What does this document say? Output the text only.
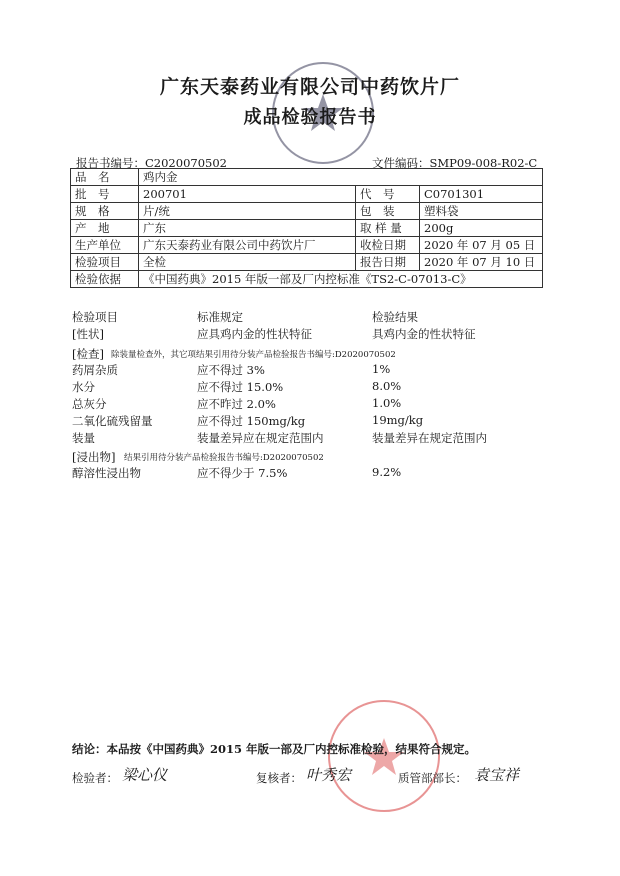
广东天泰药业有限公司中药饮片厂
成品检验报告书
报告书编号：C2020070502	文件编码：SMP09-008-R02-C
品　名	鸡内金		
批　号	200701	代　号	C0701301
规　格	片/统	包　装	塑料袋
产　地	广东	取 样 量	200g
生产单位	广东天泰药业有限公司中药饮片厂	收检日期	2020 年 07 月 05 日
检验项目	全检	报告日期	2020 年 07 月 10 日
检验依据	《中国药典》2015 年版一部及厂内控标准《TS2-C-07013-C》		
检验项目	标准规定	检验结果
[性状]	应具鸡内金的性状特征	具鸡内金的性状特征
[检查] 除装量检查外，其它项结果引用待分装产品检验报告书编号:D2020070502
药屑杂质	应不得过 3%	1%
水分	应不得过 15.0%	8.0%
总灰分	应不昨过 2.0%	1.0%
二氧化硫残留量	应不得过 150mg/kg	19mg/kg
装量	装量差异应在规定范围内	装量差异在规定范围内
[浸出物] 结果引用待分装产品检验报告书编号:D2020070502
醇溶性浸出物	应不得少于 7.5%	9.2%
结论：本品按《中国药典》2015 年版一部及厂内控标准检验，结果符合规定。
检验者： 梁心仪	复核者： 叶秀宏	质管部部长： 袁宝祥
